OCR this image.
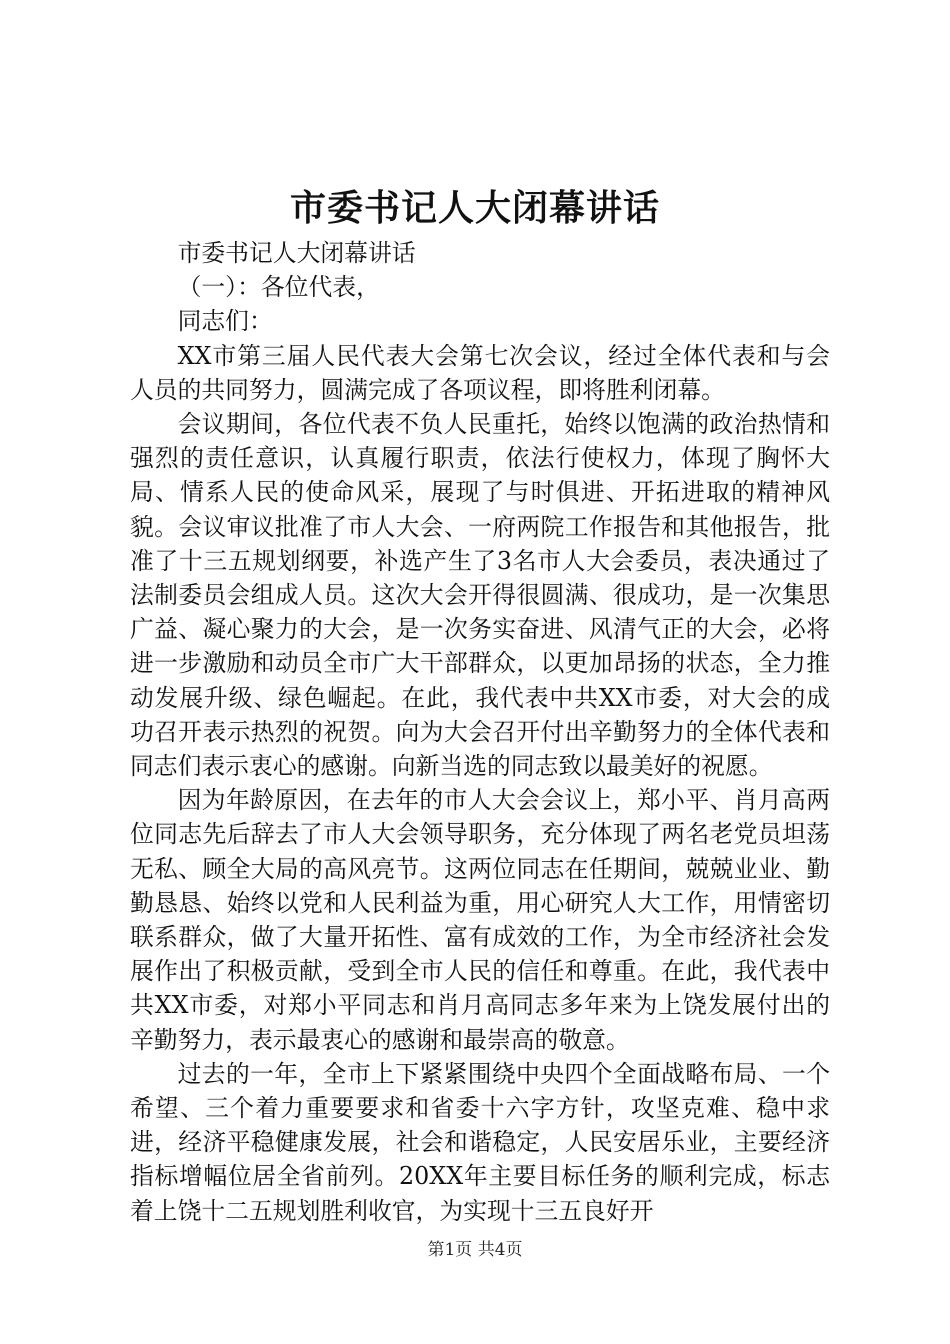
市委书记人大闭幕讲话

市委书记人大闭幕讲话

（一）：各位代表，

同志们：

XX市第三届人民代表大会第七次会议，经过全体代表和与会人员的共同努力，圆满完成了各项议程，即将胜利闭幕。

会议期间，各位代表不负人民重托，始终以饱满的政治热情和强烈的责任意识，认真履行职责，依法行使权力，体现了胸怀大局、情系人民的使命风采，展现了与时俱进、开拓进取的精神风貌。会议审议批准了市人大会、一府两院工作报告和其他报告，批准了十三五规划纲要，补选产生了3名市人大会委员，表决通过了法制委员会组成人员。这次大会开得很圆满、很成功，是一次集思广益、凝心聚力的大会，是一次务实奋进、风清气正的大会，必将进一步激励和动员全市广大干部群众，以更加昂扬的状态，全力推动发展升级、绿色崛起。在此，我代表中共XX市委，对大会的成功召开表示热烈的祝贺。向为大会召开付出辛勤努力的全体代表和同志们表示衷心的感谢。向新当选的同志致以最美好的祝愿。

因为年龄原因，在去年的市人大会会议上，郑小平、肖月高两位同志先后辞去了市人大会领导职务，充分体现了两名老党员坦荡无私、顾全大局的高风亮节。这两位同志在任期间，兢兢业业、勤勤恳恳、始终以党和人民利益为重，用心研究人大工作，用情密切联系群众，做了大量开拓性、富有成效的工作，为全市经济社会发展作出了积极贡献，受到全市人民的信任和尊重。在此，我代表中共XX市委，对郑小平同志和肖月高同志多年来为上饶发展付出的辛勤努力，表示最衷心的感谢和最崇高的敬意。

过去的一年，全市上下紧紧围绕中央四个全面战略布局、一个希望、三个着力重要要求和省委十六字方针，攻坚克难、稳中求进，经济平稳健康发展，社会和谐稳定，人民安居乐业，主要经济指标增幅位居全省前列。20XX年主要目标任务的顺利完成，标志着上饶十二五规划胜利收官，为实现十三五良好开

第1页 共4页
